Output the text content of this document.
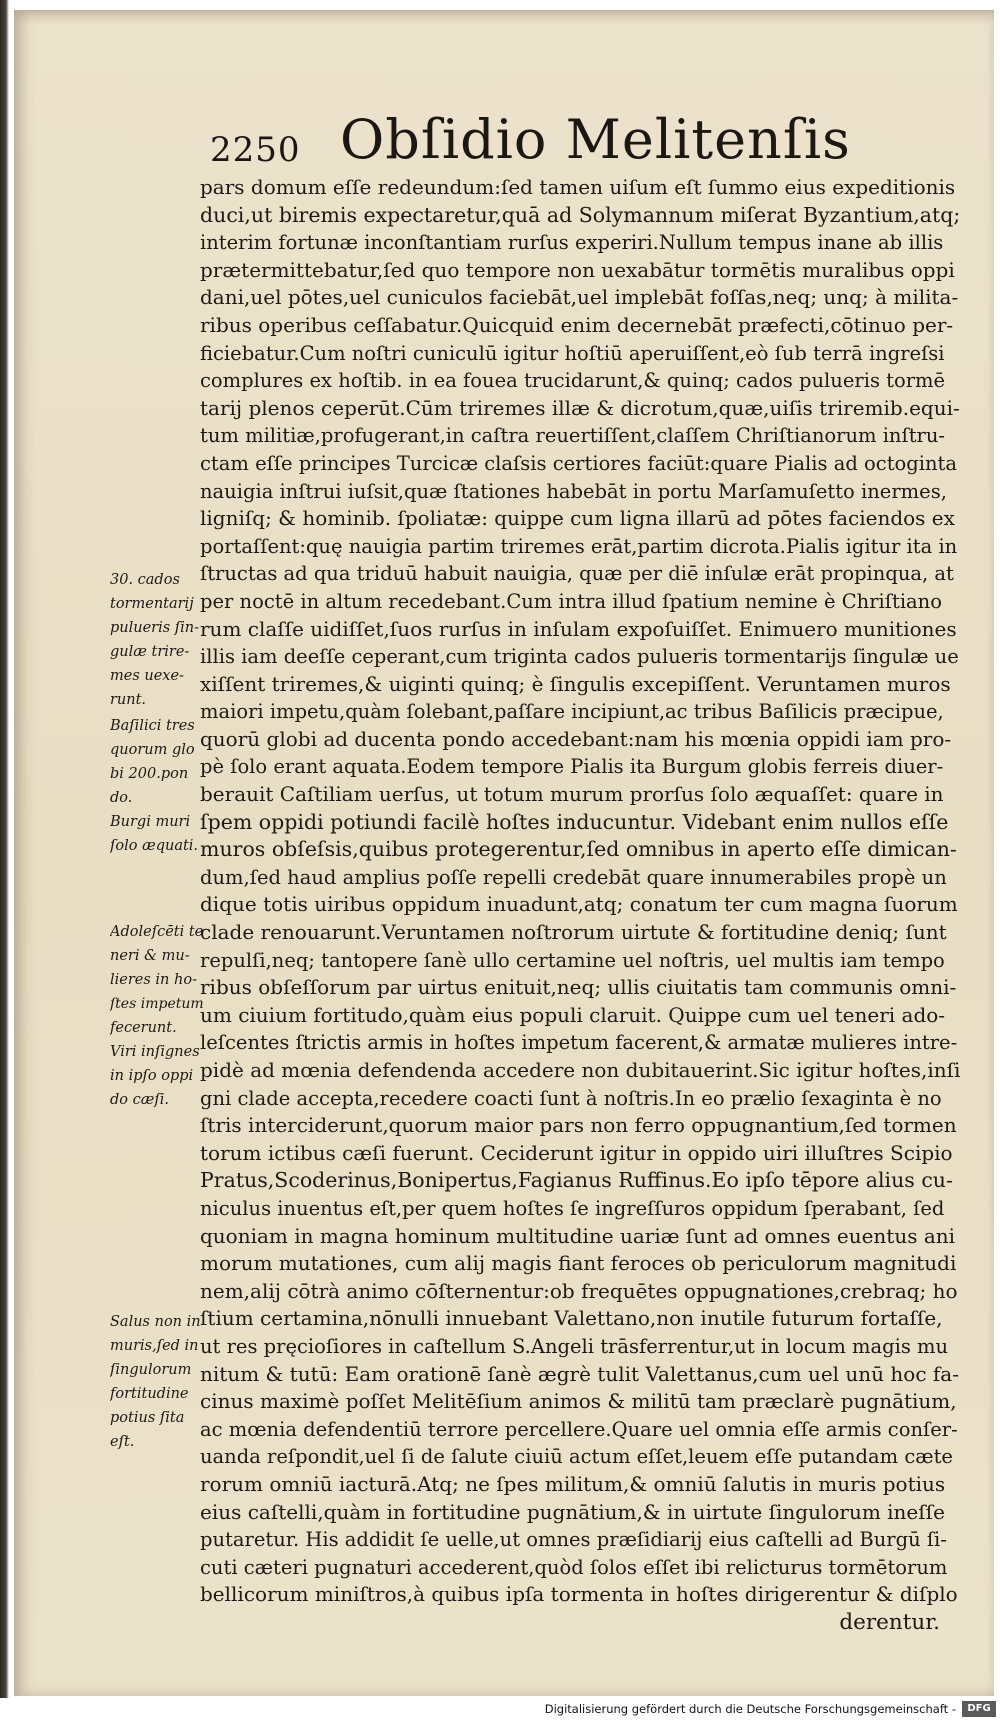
2250 Obſidio Melitenſis
pars domum eſſe redeundum:ſed tamen uiſum eſt ſummo eius expeditionis
duci,ut biremis expectaretur,quā ad Solymannum miſerat Byzantium,atq;
interim fortunæ inconſtantiam rurſus experiri.Nullum tempus inane ab illis
prætermittebatur,ſed quo tempore non uexabātur tormētis muralibus oppi
dani,uel pōtes,uel cuniculos faciebāt,uel implebāt foſſas,neq; unq; à milita-
ribus operibus ceſſabatur.Quicquid enim decernebāt præfecti,cōtinuo per-
ficiebatur.Cum noſtri cuniculū igitur hoſtiū aperuiſſent,eò ſub terrā ingreſsi
complures ex hoſtib. in ea fouea trucidarunt,& quinq; cados pulueris tormē
tarij plenos ceperūt.Cūm triremes illæ & dicrotum,quæ,uiſis triremib.equi-
tum militiæ,profugerant,in caſtra reuertiſſent,claſſem Chriſtianorum inſtru-
ctam eſſe principes Turcicæ claſsis certiores faciūt:quare Pialis ad octoginta
nauigia inſtrui iuſsit,quæ ſtationes habebāt in portu Marſamuſetto inermes,
ligniſq; & hominib. ſpoliatæ: quippe cum ligna illarū ad pōtes faciendos ex
portaſſent:quę nauigia partim triremes erāt,partim dicrota.Pialis igitur ita in
ſtructas ad qua triduū habuit nauigia, quæ per diē inſulæ erāt propinqua, at
per noctē in altum recedebant.Cum intra illud ſpatium nemine è Chriſtiano
rum claſſe uidiſſet,ſuos rurſus in inſulam expoſuiſſet. Enimuero munitiones
illis iam deeſſe ceperant,cum triginta cados pulueris tormentarijs ſingulæ ue
xiſſent triremes,& uiginti quinq; è ſingulis excepiſſent. Veruntamen muros
maiori impetu,quàm ſolebant,paſſare incipiunt,ac tribus Baſilicis præcipue,
quorū globi ad ducenta pondo accedebant:nam his mœnia oppidi iam pro-
pè ſolo erant aquata.Eodem tempore Pialis ita Burgum globis ferreis diuer-
berauit Caſtiliam uerſus, ut totum murum prorſus ſolo æquaſſet: quare in
ſpem oppidi potiundi facilè hoſtes inducuntur. Videbant enim nullos eſſe
muros obſeſsis,quibus protegerentur,ſed omnibus in aperto eſſe dimican-
dum,ſed haud amplius poſſe repelli credebāt quare innumerabiles propè un
dique totis uiribus oppidum inuadunt,atq; conatum ter cum magna ſuorum
clade renouarunt.Veruntamen noſtrorum uirtute & fortitudine deniq; ſunt
repulſi,neq; tantopere ſanè ullo certamine uel noſtris, uel multis iam tempo
ribus obſeſſorum par uirtus enituit,neq; ullis ciuitatis tam communis omni-
um ciuium fortitudo,quàm eius populi claruit. Quippe cum uel teneri ado-
leſcentes ſtrictis armis in hoſtes impetum facerent,& armatæ mulieres intre-
pidè ad mœnia defendenda accedere non dubitauerint.Sic igitur hoſtes,inſi
gni clade accepta,recedere coacti ſunt à noſtris.In eo prælio ſexaginta è no
ſtris interciderunt,quorum maior pars non ferro oppugnantium,ſed tormen
torum ictibus cæſi fuerunt. Ceciderunt igitur in oppido uiri illuſtres Scipio
Pratus,Scoderinus,Bonipertus,Fagianus Ruffinus.Eo ipſo tēpore alius cu-
niculus inuentus eſt,per quem hoſtes ſe ingreſſuros oppidum ſperabant, ſed
quoniam in magna hominum multitudine uariæ ſunt ad omnes euentus ani
morum mutationes, cum alij magis fiant feroces ob periculorum magnitudi
nem,alij cōtrà animo cōſternentur:ob frequētes oppugnationes,crebraq; ho
ſtium certamina,nōnulli innuebant Valettano,non inutile futurum fortaſſe,
ut res pręcioſiores in caſtellum S.Angeli trāsferrentur,ut in locum magis mu
nitum & tutū: Eam orationē ſanè ægrè tulit Valettanus,cum uel unū hoc fa-
cinus maximè poſſet Melitēſium animos & militū tam præclarè pugnātium,
ac mœnia defendentiū terrore percellere.Quare uel omnia eſſe armis conſer-
uanda reſpondit,uel ſi de ſalute ciuiū actum eſſet,leuem eſſe putandam cæte
rorum omniū iacturā.Atq; ne ſpes militum,& omniū ſalutis in muris potius
eius caſtelli,quàm in fortitudine pugnātium,& in uirtute ſingulorum ineſſe
putaretur. His addidit ſe uelle,ut omnes præſidiarij eius caſtelli ad Burgū ſi-
cuti cæteri pugnaturi accederent,quòd ſolos eſſet ibi relicturus tormētorum
bellicorum miniſtros,à quibus ipſa tormenta in hoſtes dirigerentur & diſplo
derentur.
30. cados
tormentarij
pulueris ſin-
gulæ trire-
mes uexe-
runt.
Baſilici tres
quorum glo
bi 200.pon
do.
Burgi muri
ſolo æquati.
Adoleſcēti te
neri & mu-
lieres in ho-
ſtes impetum
fecerunt.
Viri inſignes
in ipſo oppi
do cæſi.
Salus non in
muris,ſed in
ſingulorum
fortitudine
potius ſita
eſt.
Digitalisierung gefördert durch die Deutsche Forschungsgemeinschaft -	DFG
